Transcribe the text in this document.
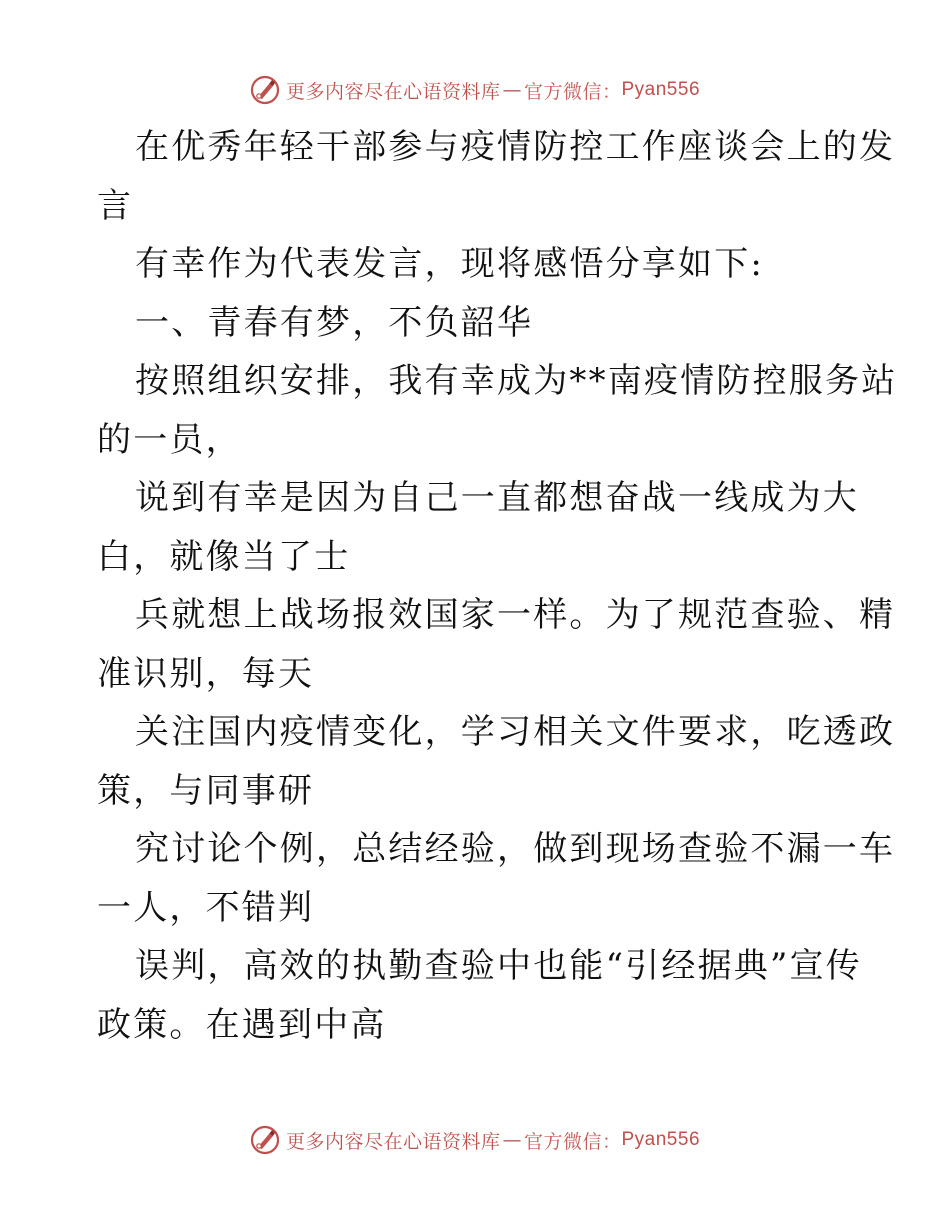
更多内容尽在心语资料库 — 官方微信： Pyan556
在优秀年轻干部参与疫情防控工作座谈会上的发
言
有幸作为代表发言，现将感悟分享如下:
一、青春有梦，不负韶华
按照组织安排，我有幸成为**南疫情防控服务站
的一员，
说到有幸是因为自己一直都想奋战一线成为大
白，就像当了士
兵就想上战场报效国家一样。为了规范查验、精
准识别，每天
关注国内疫情变化，学习相关文件要求，吃透政
策，与同事研
究讨论个例，总结经验，做到现场查验不漏一车
一人，不错判
误判，高效的执勤查验中也能“引经据典”宣传
政策。在遇到中高
更多内容尽在心语资料库 — 官方微信： Pyan556
